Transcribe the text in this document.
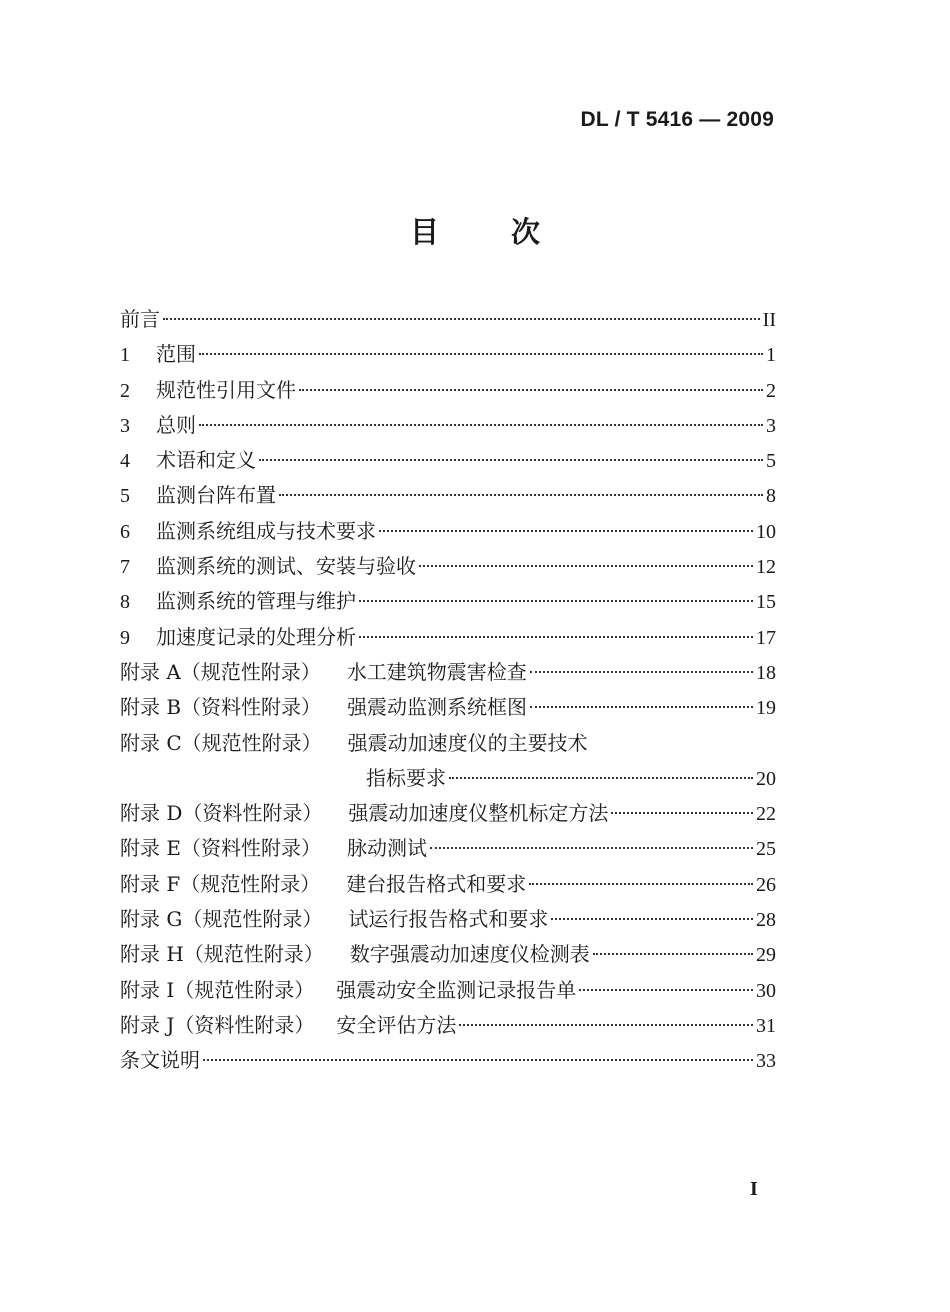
DL / T 5416 — 2009
目 次
前言	II
1	范围	1
2	规范性引用文件	2
3	总则	3
4	术语和定义	5
5	监测台阵布置	8
6	监测系统组成与技术要求	10
7	监测系统的测试、安装与验收	12
8	监测系统的管理与维护	15
9	加速度记录的处理分析	17
附录 A（规范性附录） 水工建筑物震害检查	18
附录 B（资料性附录） 强震动监测系统框图	19
附录 C（规范性附录） 强震动加速度仪的主要技术
指标要求	20
附录 D（资料性附录） 强震动加速度仪整机标定方法	22
附录 E（资料性附录） 脉动测试	25
附录 F（规范性附录） 建台报告格式和要求	26
附录 G（规范性附录） 试运行报告格式和要求	28
附录 H（规范性附录） 数字强震动加速度仪检测表	29
附录 I（规范性附录） 强震动安全监测记录报告单	30
附录 J（资料性附录） 安全评估方法	31
条文说明	33
I
